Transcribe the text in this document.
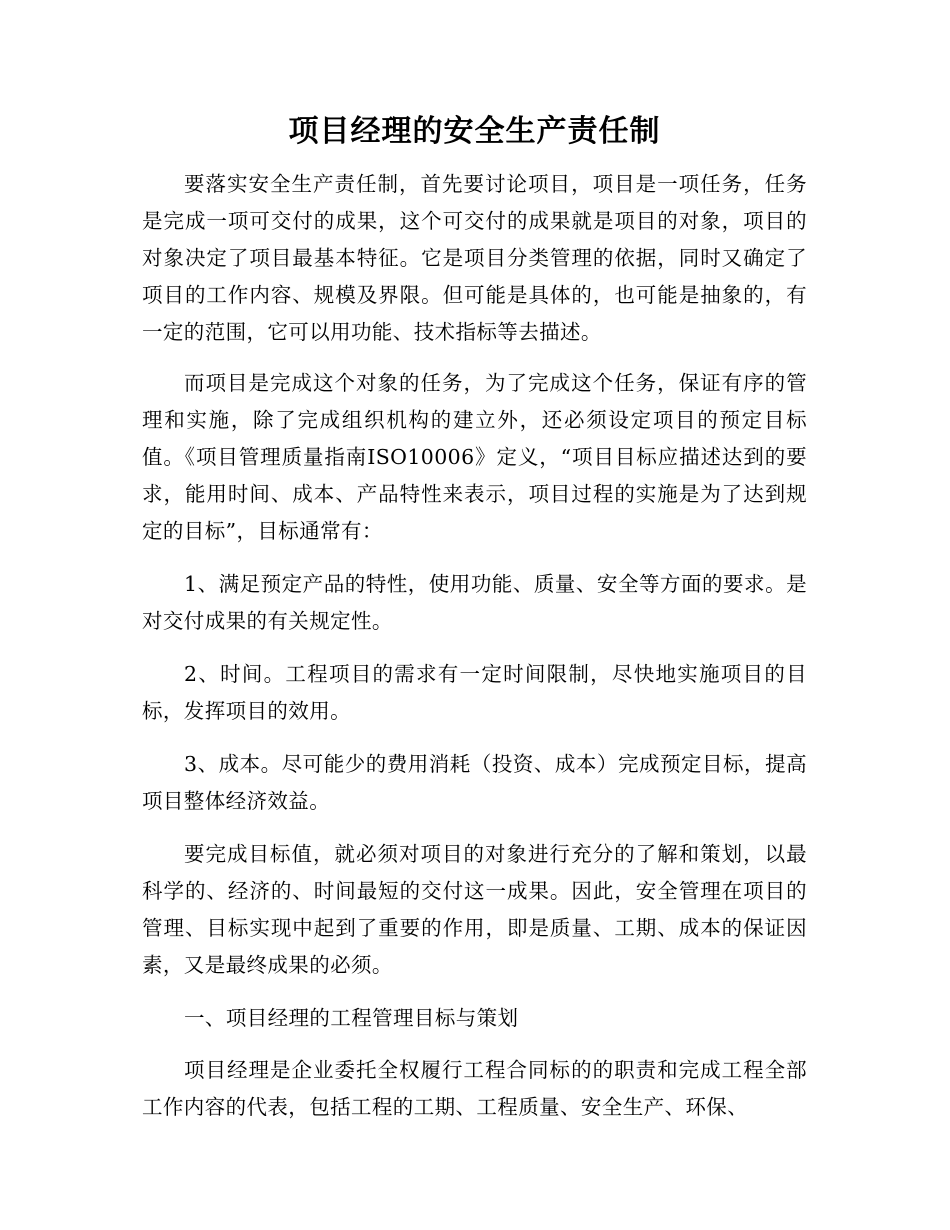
项目经理的安全生产责任制

要落实安全生产责任制，首先要讨论项目，项目是一项任务，任务是完成一项可交付的成果，这个可交付的成果就是项目的对象，项目的对象决定了项目最基本特征。它是项目分类管理的依据，同时又确定了项目的工作内容、规模及界限。但可能是具体的，也可能是抽象的，有一定的范围，它可以用功能、技术指标等去描述。

而项目是完成这个对象的任务，为了完成这个任务，保证有序的管理和实施，除了完成组织机构的建立外，还必须设定项目的预定目标值。《项目管理质量指南ISO10006》定义，“项目目标应描述达到的要求，能用时间、成本、产品特性来表示，项目过程的实施是为了达到规定的目标”，目标通常有：

1、满足预定产品的特性，使用功能、质量、安全等方面的要求。是对交付成果的有关规定性。

2、时间。工程项目的需求有一定时间限制，尽快地实施项目的目标，发挥项目的效用。

3、成本。尽可能少的费用消耗（投资、成本）完成预定目标，提高项目整体经济效益。

要完成目标值，就必须对项目的对象进行充分的了解和策划，以最科学的、经济的、时间最短的交付这一成果。因此，安全管理在项目的管理、目标实现中起到了重要的作用，即是质量、工期、成本的保证因素，又是最终成果的必须。

一、项目经理的工程管理目标与策划

项目经理是企业委托全权履行工程合同标的的职责和完成工程全部工作内容的代表，包括工程的工期、工程质量、安全生产、环保、
